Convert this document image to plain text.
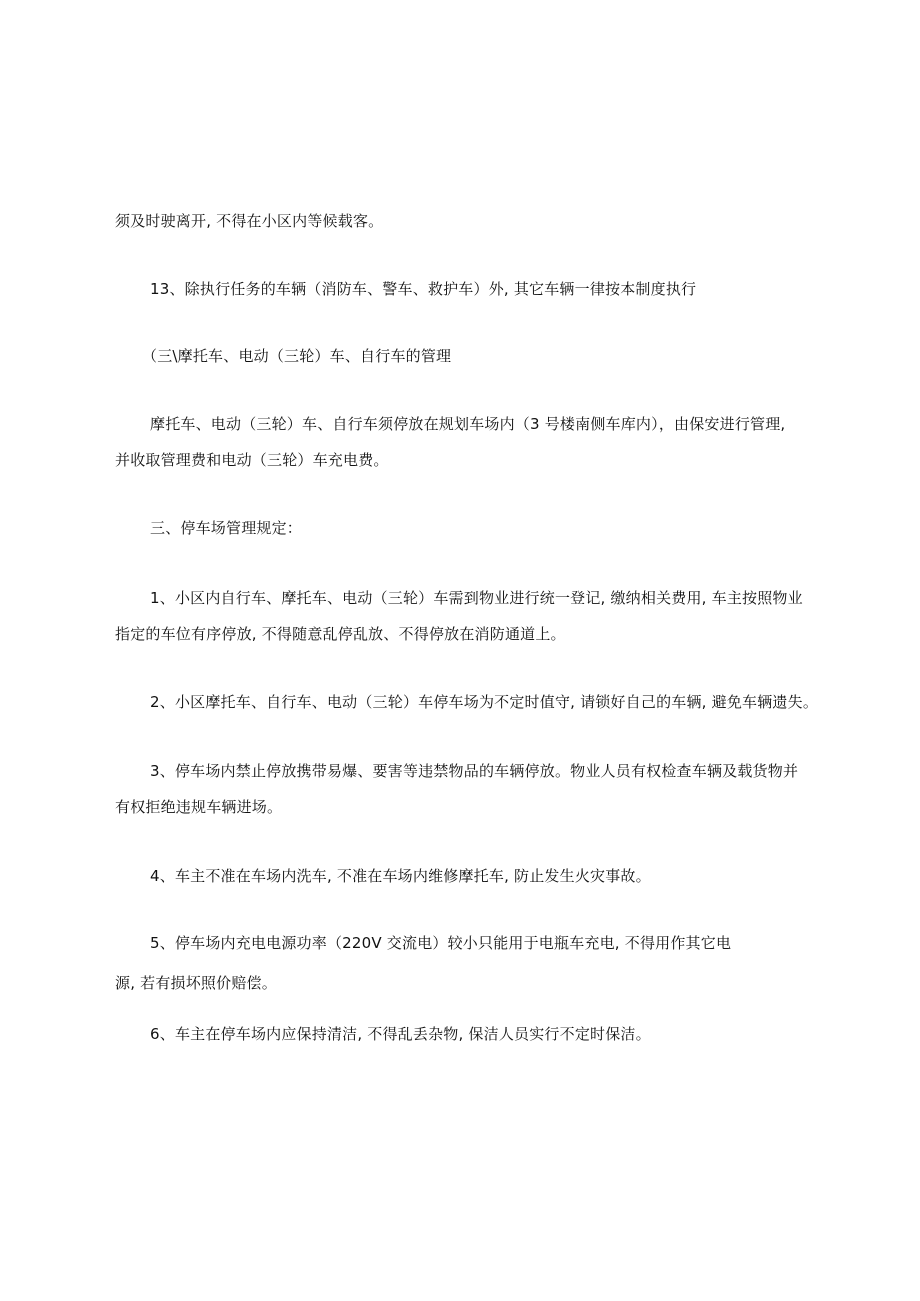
须及时驶离开, 不得在小区内等候载客。
13、除执行任务的车辆（消防车、警车、救护车）外, 其它车辆一律按本制度执行
（三\摩托车、电动（三轮）车、自行车的管理
摩托车、电动（三轮）车、自行车须停放在规划车场内（3 号楼南侧车库内），由保安进行管理,
并收取管理费和电动（三轮）车充电费。
三、停车场管理规定：
1、小区内自行车、摩托车、电动（三轮）车需到物业进行统一登记, 缴纳相关费用, 车主按照物业
指定的车位有序停放, 不得随意乱停乱放、不得停放在消防通道上。
2、小区摩托车、自行车、电动（三轮）车停车场为不定时值守, 请锁好自己的车辆, 避免车辆遗失。
3、停车场内禁止停放携带易爆、要害等违禁物品的车辆停放。物业人员有权检查车辆及载货物并
有权拒绝违规车辆进场。
4、车主不准在车场内洗车, 不准在车场内维修摩托车, 防止发生火灾事故。
5、停车场内充电电源功率（220V 交流电）较小只能用于电瓶车充电, 不得用作其它电
源, 若有损坏照价赔偿。
6、车主在停车场内应保持清洁, 不得乱丢杂物, 保洁人员实行不定时保洁。
